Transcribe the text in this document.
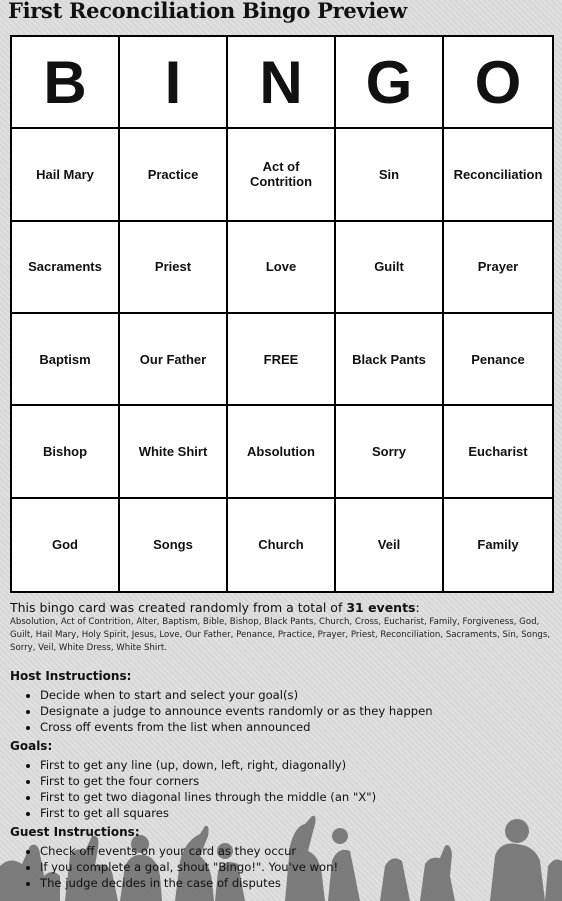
First Reconciliation Bingo Preview
B	I	N	G	O
Hail Mary	Practice	Act of Contrition	Sin	Reconciliation
Sacraments	Priest	Love	Guilt	Prayer
Baptism	Our Father	FREE	Black Pants	Penance
Bishop	White Shirt	Absolution	Sorry	Eucharist
God	Songs	Church	Veil	Family

This bingo card was created randomly from a total of 31 events:

Absolution, Act of Contrition, Alter, Baptism, Bible, Bishop, Black Pants, Church, Cross, Eucharist, Family, Forgiveness, God, Guilt, Hail Mary, Holy Spirit, Jesus, Love, Our Father, Penance, Practice, Prayer, Priest, Reconciliation, Sacraments, Sin, Songs, Sorry, Veil, White Dress, White Shirt.

Host Instructions:

• Decide when to start and select your goal(s)
• Designate a judge to announce events randomly or as they happen
• Cross off events from the list when announced

Goals:

• First to get any line (up, down, left, right, diagonally)
• First to get the four corners
• First to get two diagonal lines through the middle (an "X")
• First to get all squares

Guest Instructions:

• Check off events on your card as they occur
• If you complete a goal, shout "Bingo!". You've won!
• The judge decides in the case of disputes
